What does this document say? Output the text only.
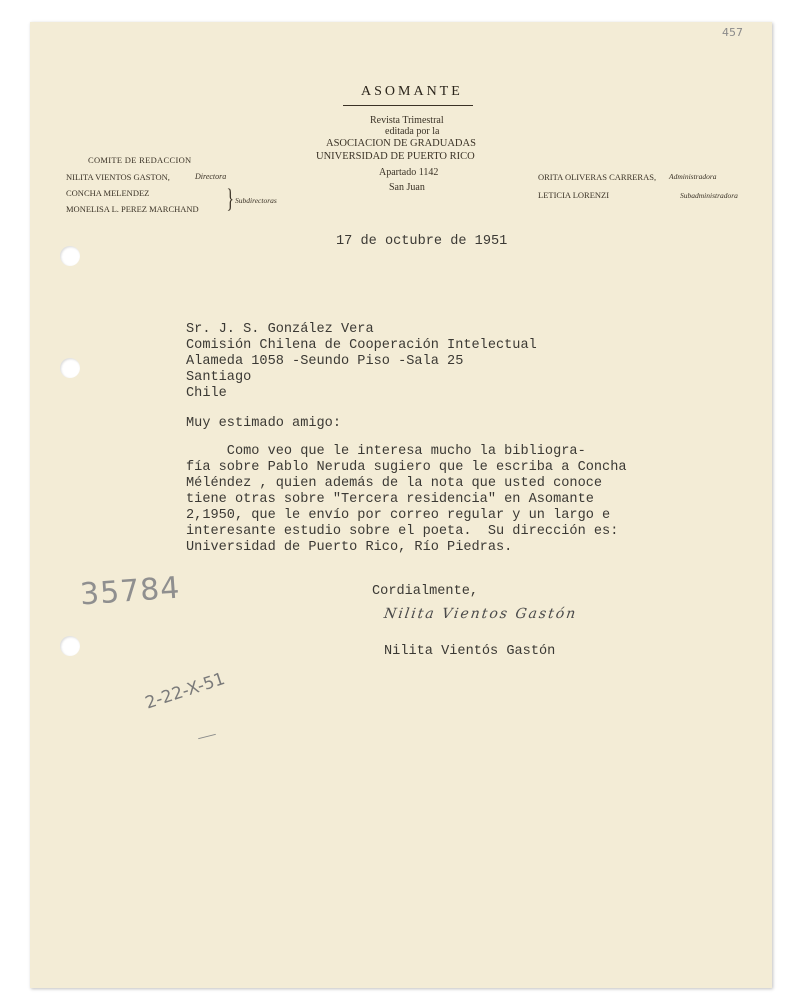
457
ASOMANTE
Revista Trimestral
editada por la
ASOCIACION DE GRADUADAS
UNIVERSIDAD DE PUERTO RICO
Apartado 1142
San Juan
COMITE DE REDACCION
NILITA VIENTOS GASTON,	Directora
CONCHA MELENDEZ
MONELISA L. PEREZ MARCHAND } Subdirectoras
ORITA OLIVERAS CARRERAS, Administradora
LETICIA LORENZI	Subadministradora
17 de octubre de 1951
Sr. J. S. González Vera
Comisión Chilena de Cooperación Intelectual
Alameda 1058 -Seundo Piso -Sala 25
Santiago
Chile
Muy estimado amigo:
Como veo que le interesa mucho la bibliogra-
fía sobre Pablo Neruda sugiero que le escriba a Concha
Méléndez , quien además de la nota que usted conoce
tiene otras sobre "Tercera residencia" en Asomante
2,1950, que le envío por correo regular y un largo e
interesante estudio sobre el poeta.  Su dirección es:
Universidad de Puerto Rico, Río Piedras.
Cordialmente,
Nilita Vientos Gastón
Nilita Vientós Gastón
35784
2-22-X-51
